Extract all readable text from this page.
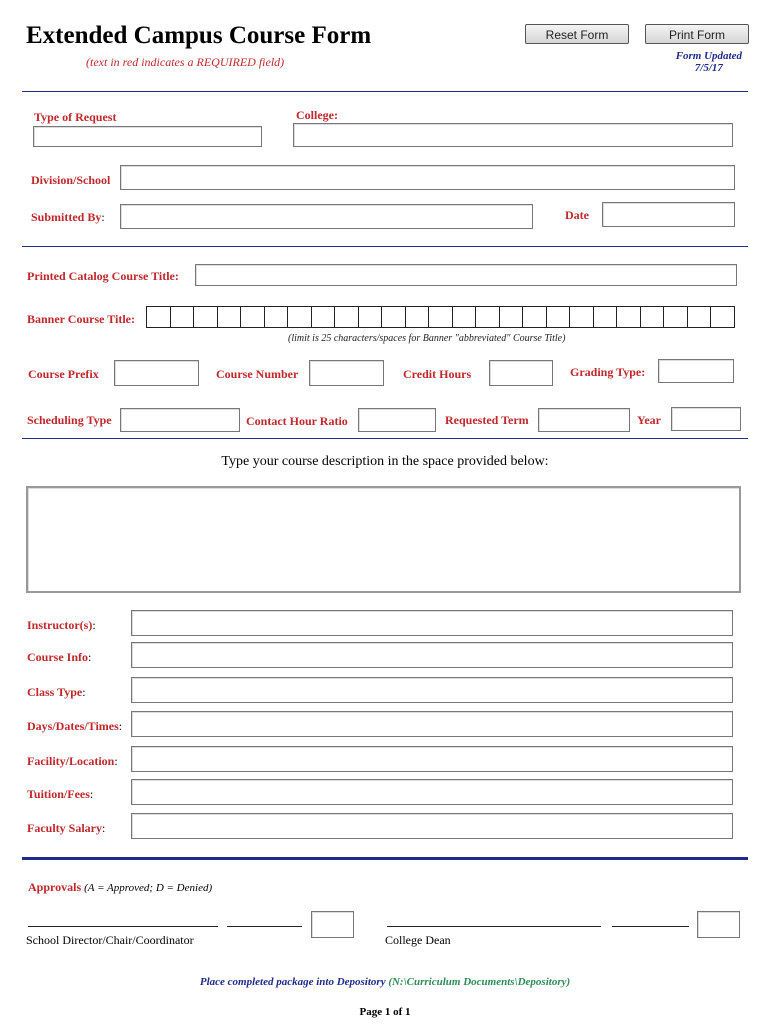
Extended Campus Course Form
(text in red indicates a REQUIRED field)
Reset Form	Print Form
Form Updated
7/5/17
Type of Request	College:
Division/School
Submitted By:	Date
Printed Catalog Course Title:
Banner Course Title:
(limit is 25 characters/spaces for Banner "abbreviated" Course Title)
Course Prefix	Course Number	Credit Hours	Grading Type:
Scheduling Type	Contact Hour Ratio	Requested Term	Year
Type your course description in the space provided below:
Instructor(s):
Course Info:
Class Type:
Days/Dates/Times:
Facility/Location:
Tuition/Fees:
Faculty Salary:
Approvals (A = Approved; D = Denied)
School Director/Chair/Coordinator	College Dean
Place completed package into Depository (N:\Curriculum Documents\Depository)
Page 1 of 1
